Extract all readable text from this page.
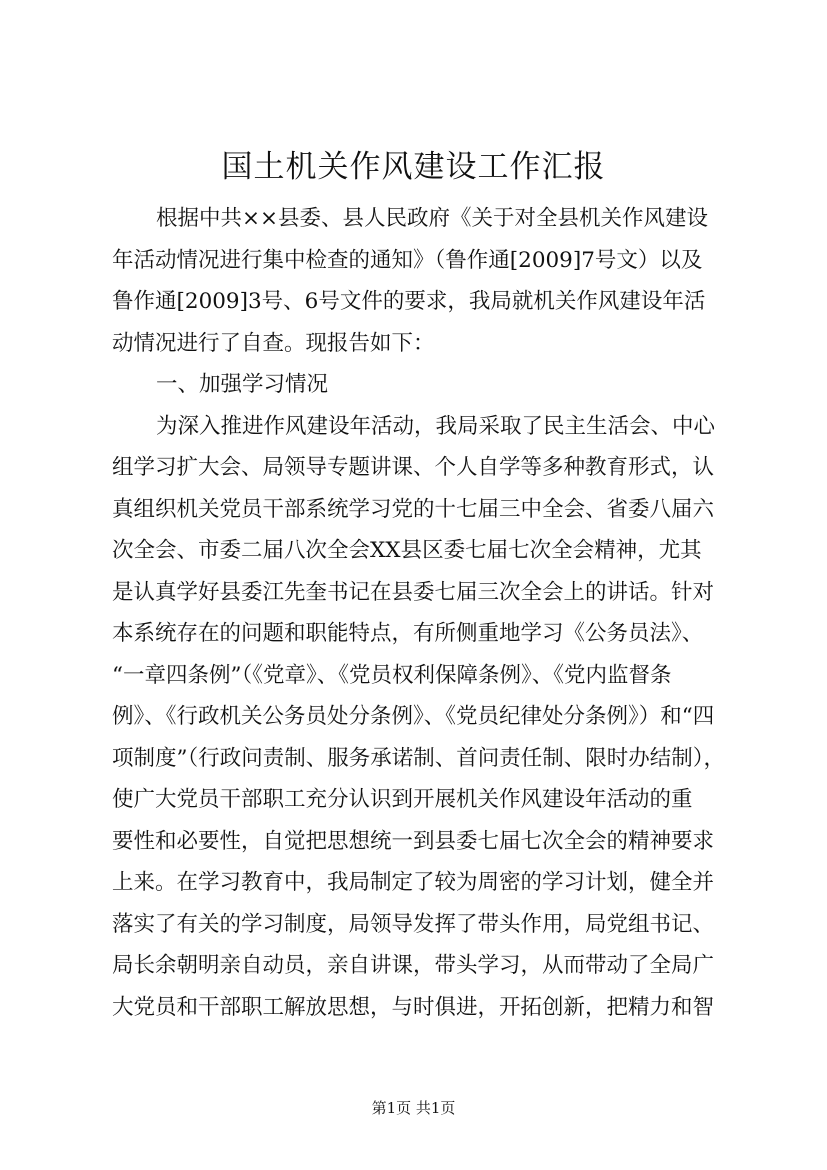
国土机关作风建设工作汇报
根据中共××县委、县人民政府《关于对全县机关作风建设
年活动情况进行集中检查的通知》（鲁作通[2009]7号文）以及
鲁作通[2009]3号、6号文件的要求，我局就机关作风建设年活
动情况进行了自查。现报告如下：
一、加强学习情况
为深入推进作风建设年活动，我局采取了民主生活会、中心
组学习扩大会、局领导专题讲课、个人自学等多种教育形式，认
真组织机关党员干部系统学习党的十七届三中全会、省委八届六
次全会、市委二届八次全会XX县区委七届七次全会精神，尤其
是认真学好县委江先奎书记在县委七届三次全会上的讲话。针对
本系统存在的问题和职能特点，有所侧重地学习《公务员法》、
“一章四条例”（《党章》、《党员权利保障条例》、《党内监督条
例》、《行政机关公务员处分条例》、《党员纪律处分条例》）和“四
项制度”（行政问责制、服务承诺制、首问责任制、限时办结制），
使广大党员干部职工充分认识到开展机关作风建设年活动的重
要性和必要性，自觉把思想统一到县委七届七次全会的精神要求
上来。在学习教育中，我局制定了较为周密的学习计划，健全并
落实了有关的学习制度，局领导发挥了带头作用，局党组书记、
局长余朝明亲自动员，亲自讲课，带头学习，从而带动了全局广
大党员和干部职工解放思想，与时俱进，开拓创新，把精力和智
第1页 共1页
